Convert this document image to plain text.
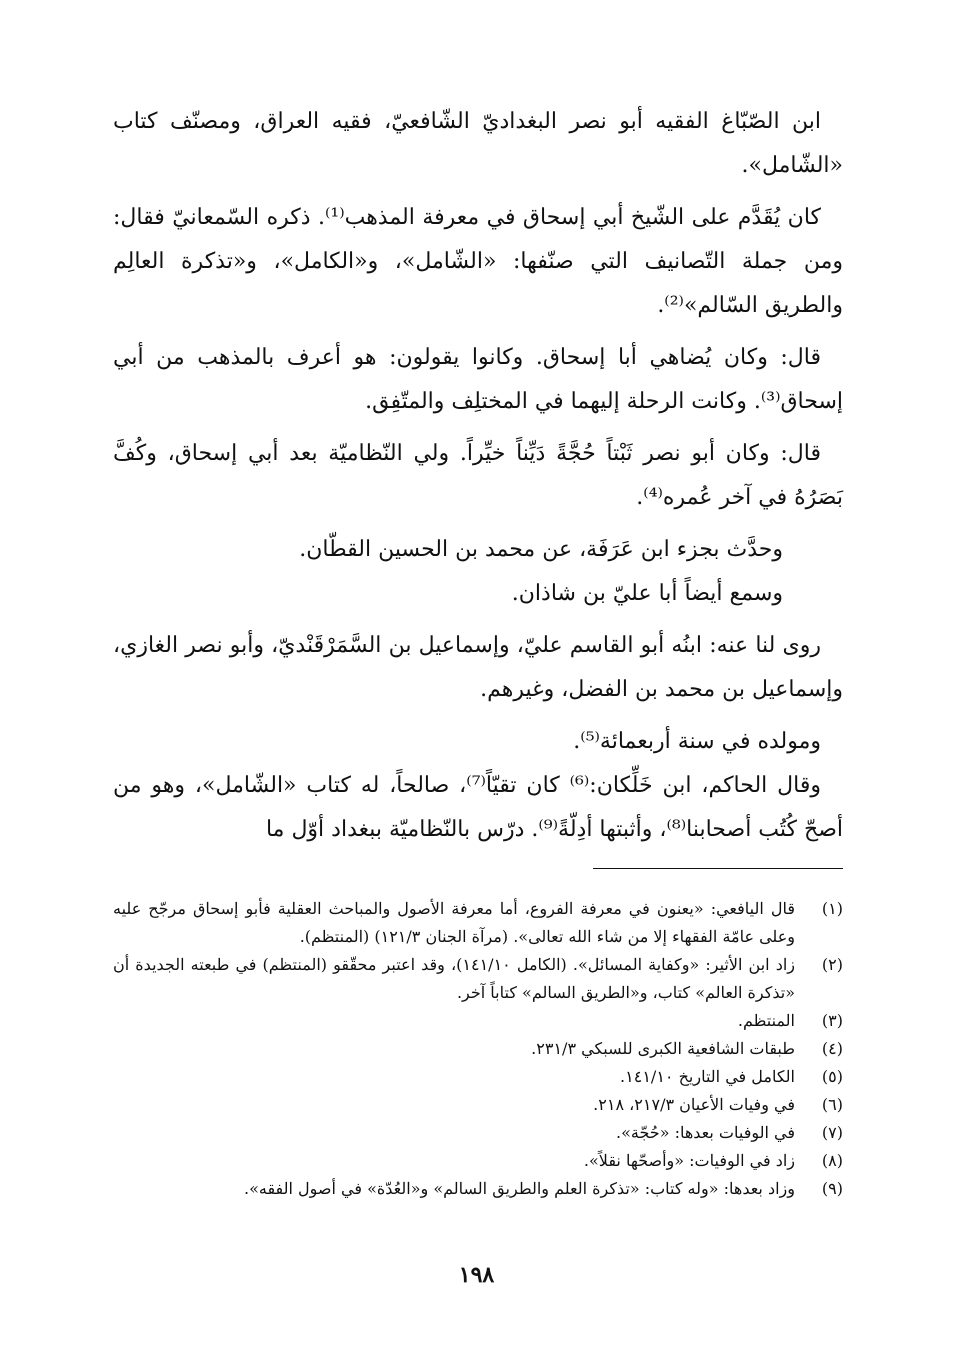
ابن الصّبّاغ الفقيه أبو نصر البغداديّ الشّافعيّ، فقيه العراق، ومصنّف كتاب «الشّامل».

كان يُقَدَّم على الشّيخ أبي إسحاق في معرفة المذهب⁽¹⁾. ذكره السّمعانيّ فقال: ومن جملة التّصانيف التي صنّفها: «الشّامل»، و«الكامل»، و«تذكرة العالِم والطريق السّالم»⁽²⁾.

قال: وكان يُضاهي أبا إسحاق. وكانوا يقولون: هو أعرف بالمذهب من أبي إسحاق⁽³⁾. وكانت الرحلة إليهما في المختلِف والمتّفِق.

قال: وكان أبو نصر ثَبْتاً حُجَّةً دَيِّناً خيِّراً. ولي النّظاميّة بعد أبي إسحاق، وكُفَّ بَصَرُهُ في آخر عُمره⁽⁴⁾.

وحدَّث بجزء ابن عَرَفَة، عن محمد بن الحسين القطّان.

وسمع أيضاً أبا عليّ بن شاذان.

روى لنا عنه: ابنُه أبو القاسم عليّ، وإسماعيل بن السَّمَرْقَنْديّ، وأبو نصر الغازي، وإسماعيل بن محمد بن الفضل، وغيرهم.

ومولده في سنة أربعمائة⁽⁵⁾.

وقال الحاكم، ابن خَلِّكان:⁽⁶⁾ كان تقيّاً⁽⁷⁾، صالحاً، له كتاب «الشّامل»، وهو من أصحّ كُتُب أصحابنا⁽⁸⁾، وأثبتها أدِلّةً⁽⁹⁾. درّس بالنّظاميّة ببغداد أوّل ما

(١)
قال اليافعي: «يعنون في معرفة الفروع، أما معرفة الأصول والمباحث العقلية فأبو إسحاق مرجّح عليه وعلى عامّة الفقهاء إلا من شاء الله تعالى». (مرآة الجنان ١٢١/٣) (المنتظم).
(٢)
زاد ابن الأثير: «وكفاية المسائل». (الكامل ١٤١/١٠)، وقد اعتبر محقّقو (المنتظم) في طبعته الجديدة أن «تذكرة العالم» كتاب، و«الطريق السالم» كتاباً آخر.
(٣)
المنتظم.
(٤)
طبقات الشافعية الكبرى للسبكي ٢٣١/٣.
(٥)
الكامل في التاريخ ١٤١/١٠.
(٦)
في وفيات الأعيان ٢١٧/٣، ٢١٨.
(٧)
في الوفيات بعدها: «حُجّة».
(٨)
زاد في الوفيات: «وأصحّها نقلاً».
(٩)
وزاد بعدها: «وله كتاب: «تذكرة العلم والطريق السالم» و«العُدّة» في أصول الفقه».
١٩٨
